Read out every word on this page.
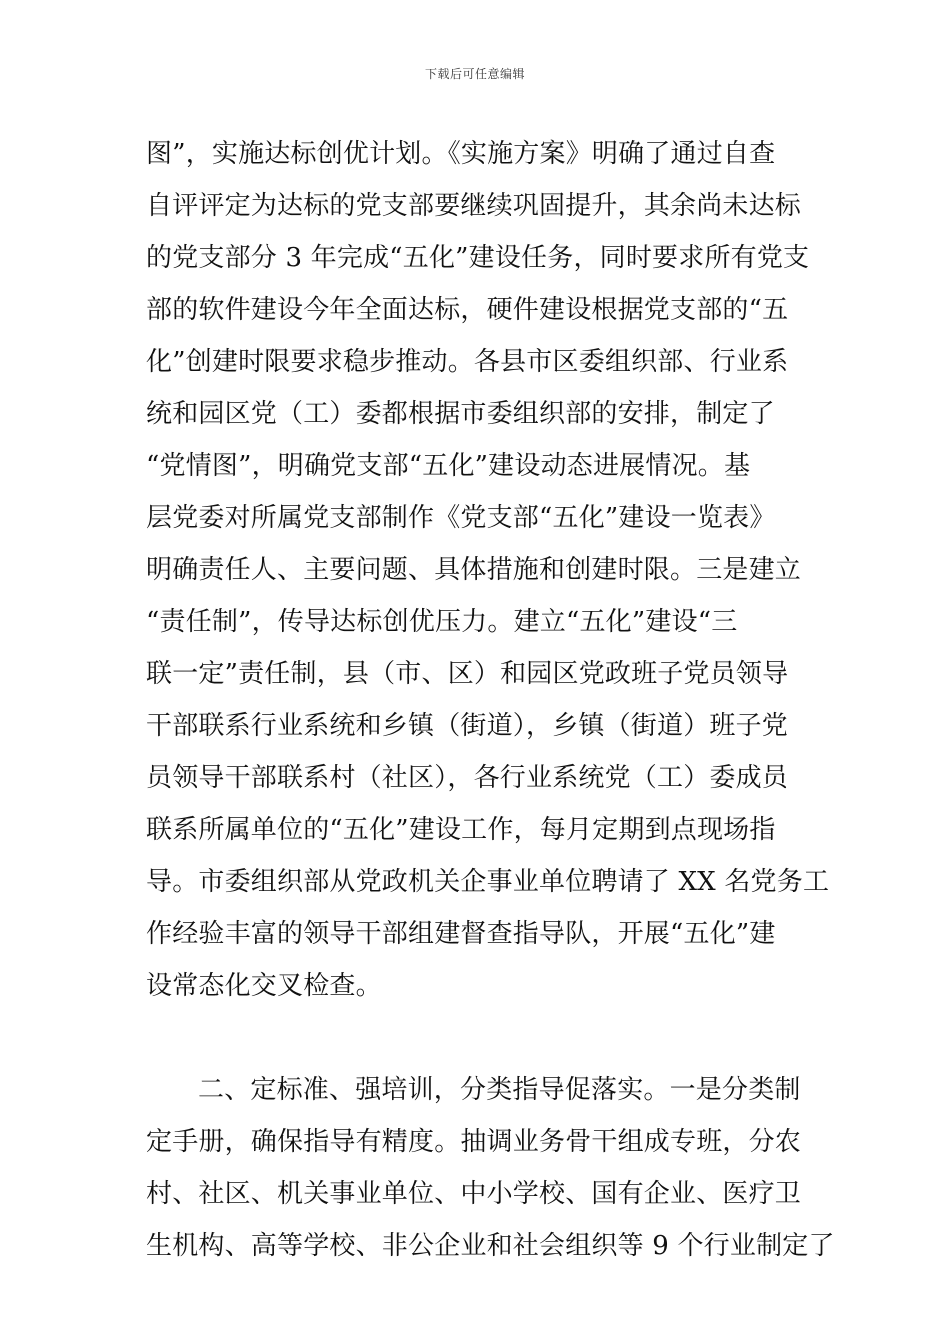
下载后可任意编辑
图”，实施达标创优计划。《实施方案》明确了通过自查
自评评定为达标的党支部要继续巩固提升，其余尚未达标
的党支部分 3 年完成“五化”建设任务，同时要求所有党支
部的软件建设今年全面达标，硬件建设根据党支部的“五
化”创建时限要求稳步推动。各县市区委组织部、行业系
统和园区党（工）委都根据市委组织部的安排，制定了
“党情图”，明确党支部“五化”建设动态进展情况。基
层党委对所属党支部制作《党支部“五化”建设一览表》
明确责任人、主要问题、具体措施和创建时限。三是建立
“责任制”，传导达标创优压力。建立“五化”建设“三
联一定”责任制，县（市、区）和园区党政班子党员领导
干部联系行业系统和乡镇（街道），乡镇（街道）班子党
员领导干部联系村（社区），各行业系统党（工）委成员
联系所属单位的“五化”建设工作，每月定期到点现场指
导。市委组织部从党政机关企事业单位聘请了 XX 名党务工
作经验丰富的领导干部组建督查指导队，开展“五化”建
设常态化交叉检查。
二、定标准、强培训，分类指导促落实。一是分类制
定手册，确保指导有精度。抽调业务骨干组成专班，分农
村、社区、机关事业单位、中小学校、国有企业、医疗卫
生机构、高等学校、非公企业和社会组织等 9 个行业制定了
